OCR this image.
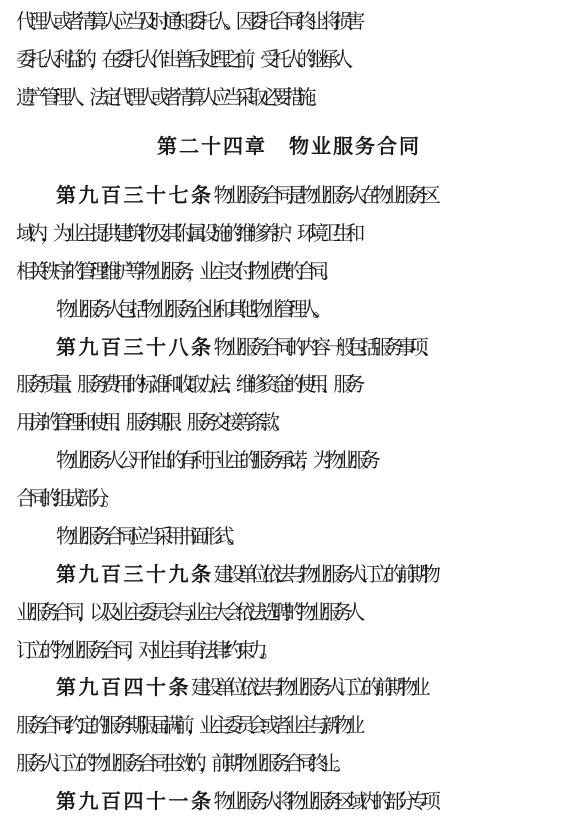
代理人或者清算人应当及时通知委托人。因委托合同终止将损害
委托人利益的，在委托人作出善后处理之前，受托人的继承人、
遗产管理人、法定代理人或者清算人应当采取必要措施。
第二十四章　物业服务合同
第九百三十七条  物业服务合同是物业服务人在物业服务区
域内，为业主提供建筑物及其附属设施的维修养护、环境卫生和
相关秩序的管理维护等物业服务，业主支付物业费的合同。
物业服务人包括物业服务企业和其他物业管理人。
第九百三十八条  物业服务合同的内容一般包括服务事项、
服务质量、服务费用的标准和收取办法、维修资金的使用、服务
用房的管理和使用、服务期限、服务交接等条款。
物业服务人公开作出的有利于业主的服务承诺，为物业服务
合同的组成部分。
物业服务合同应当采用书面形式。
第九百三十九条  建设单位依法与物业服务人订立的前期物
业服务合同，以及业主委员会与业主大会依法选聘的物业服务人
订立的物业服务合同，对业主具有法律约束力。
第九百四十条  建设单位依法与物业服务人订立的前期物业
服务合同约定的服务期限届满前，业主委员会或者业主与新物业
服务人订立的物业服务合同生效的，前期物业服务合同终止。
第九百四十一条  物业服务人将物业服务区域内的部分专项
